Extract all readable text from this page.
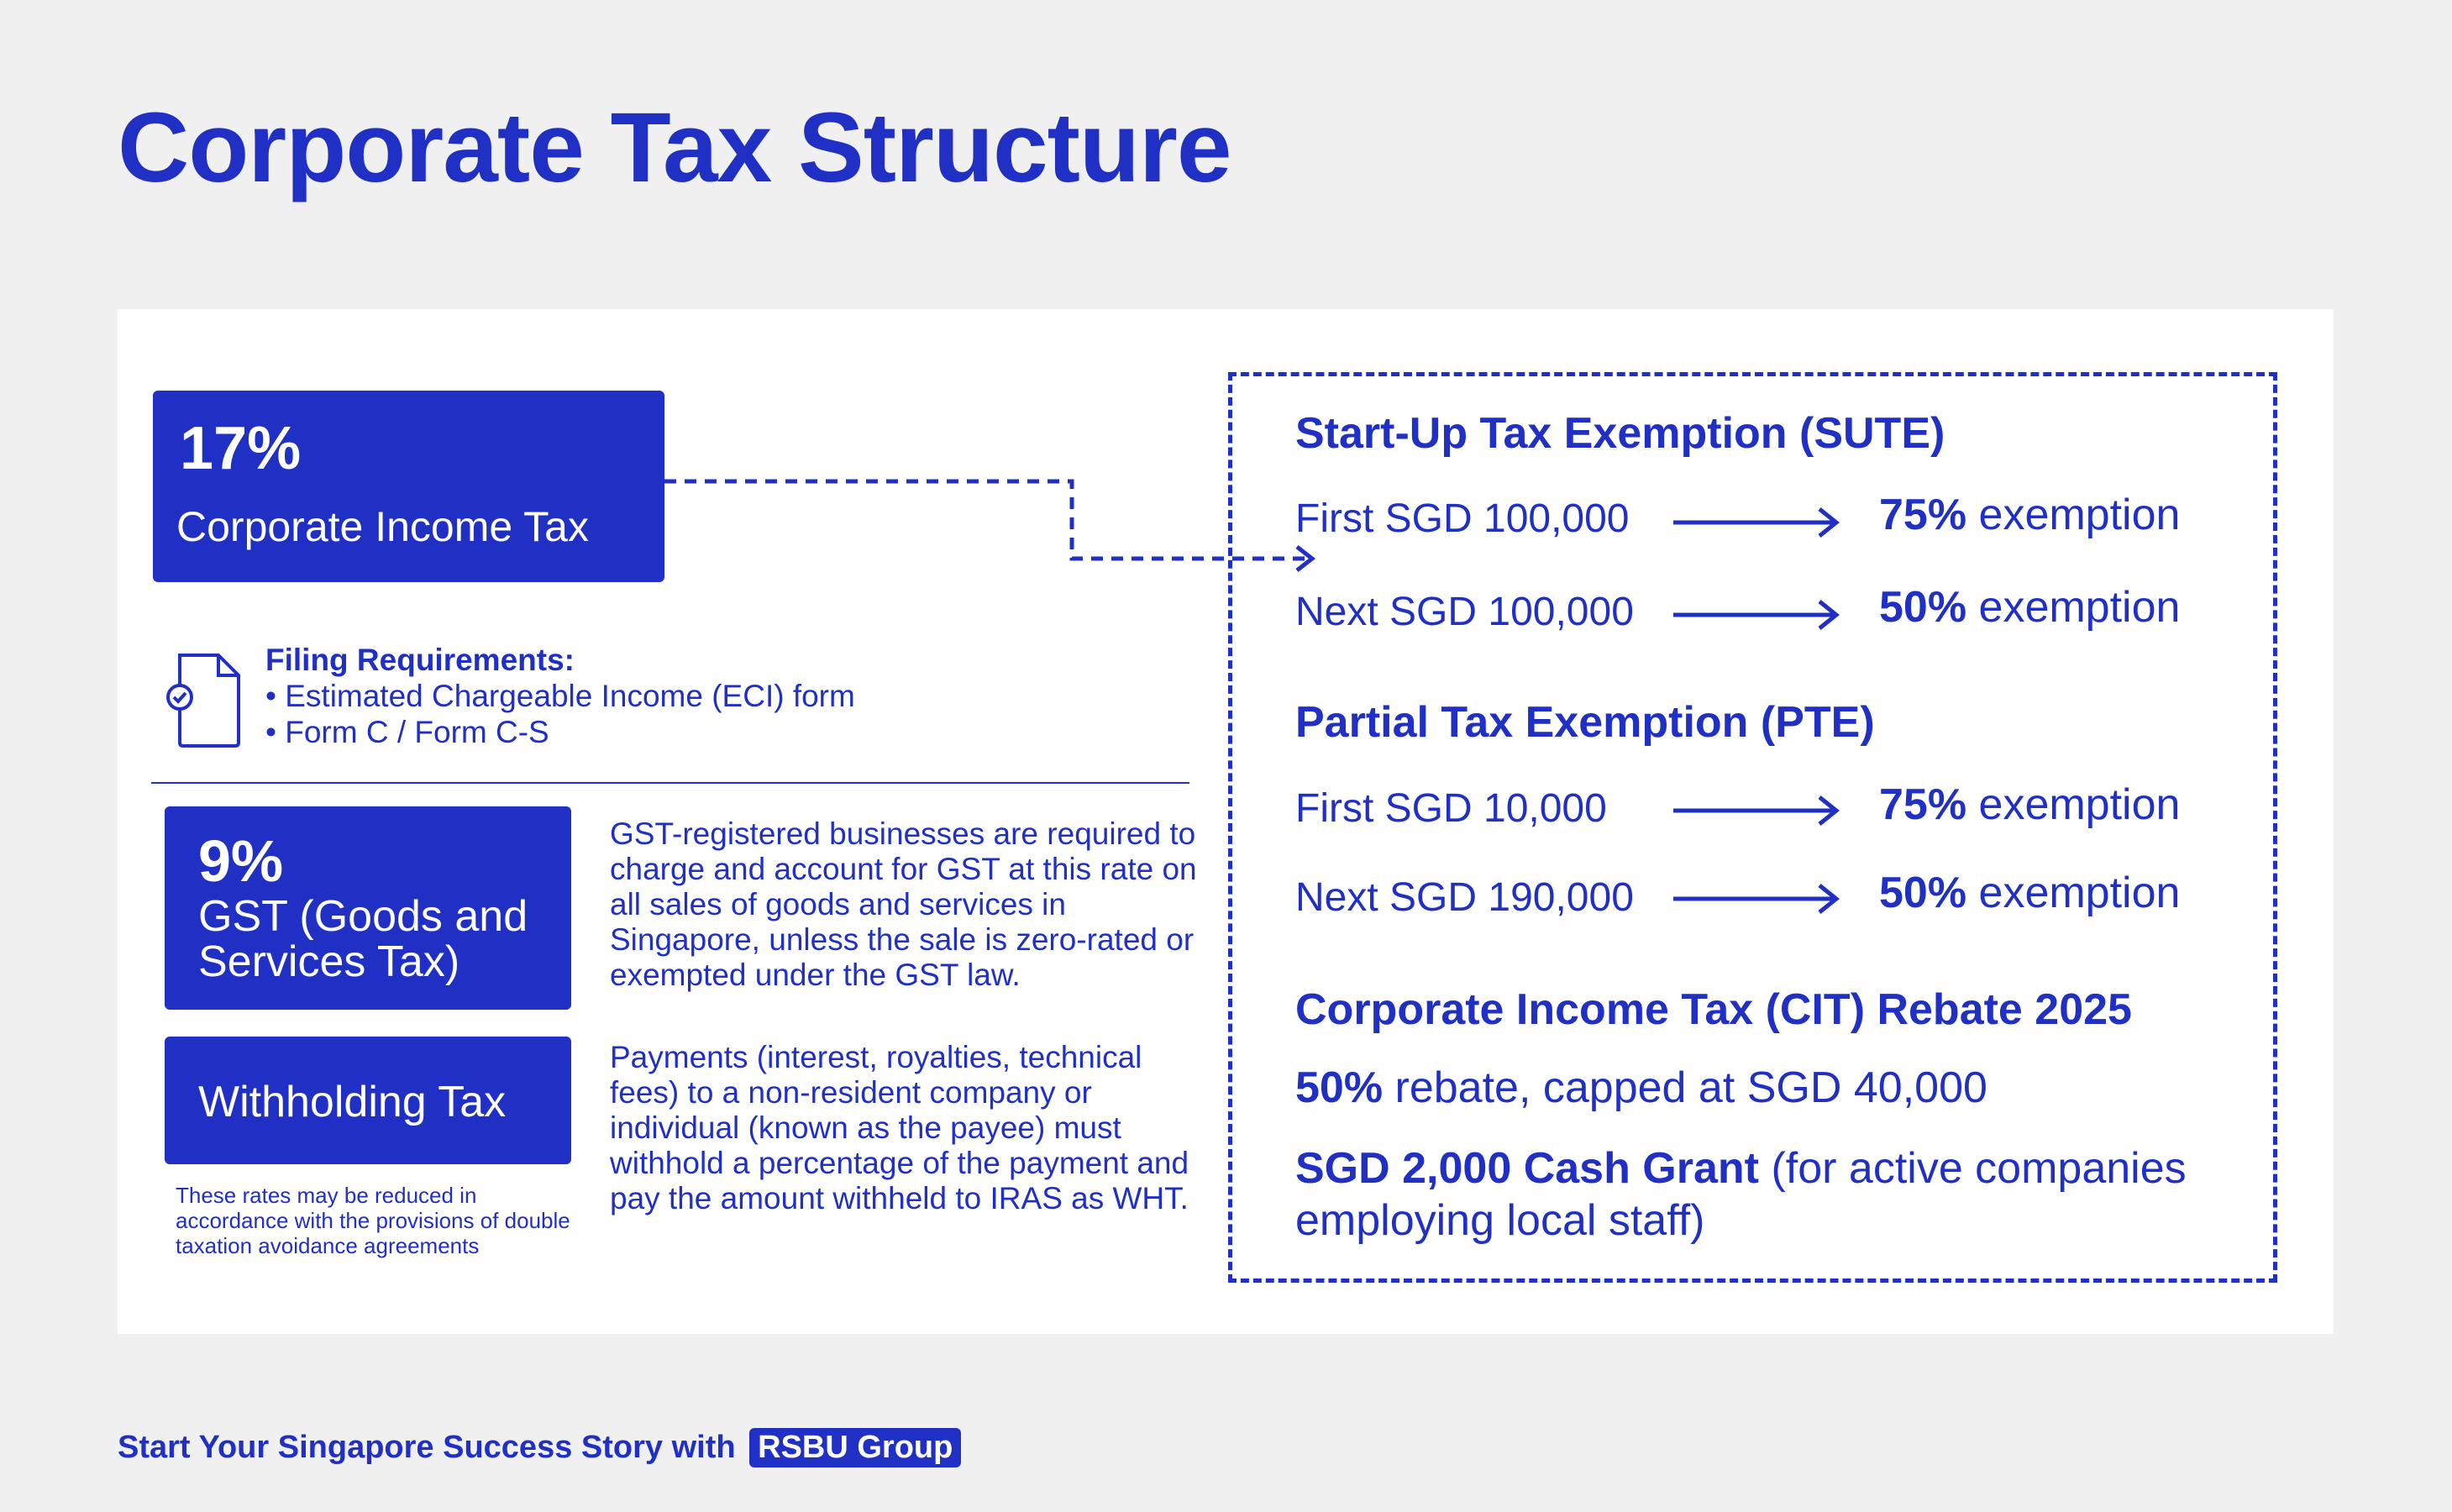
Corporate Tax Structure
17%
Corporate Income Tax
Filing Requirements:
• Estimated Chargeable Income (ECI) form
• Form C / Form C-S
9%
GST (Goods and Services Tax)
GST-registered businesses are required to charge and account for GST at this rate on all sales of goods and services in Singapore, unless the sale is zero-rated or exempted under the GST law.
Withholding Tax
These rates may be reduced in accordance with the provisions of double taxation avoidance agreements
Payments (interest, royalties, technical fees) to a non-resident company or individual (known as the payee) must withhold a percentage of the payment and pay the amount withheld to IRAS as WHT.
Start-Up Tax Exemption (SUTE)
First SGD 100,000	75% exemption
Next SGD 100,000	50% exemption
Partial Tax Exemption (PTE)
First SGD 10,000	75% exemption
Next SGD 190,000	50% exemption
Corporate Income Tax (CIT) Rebate 2025
50% rebate, capped at SGD 40,000
SGD 2,000 Cash Grant (for active companies employing local staff)
Start Your Singapore Success Story with RSBU Group
